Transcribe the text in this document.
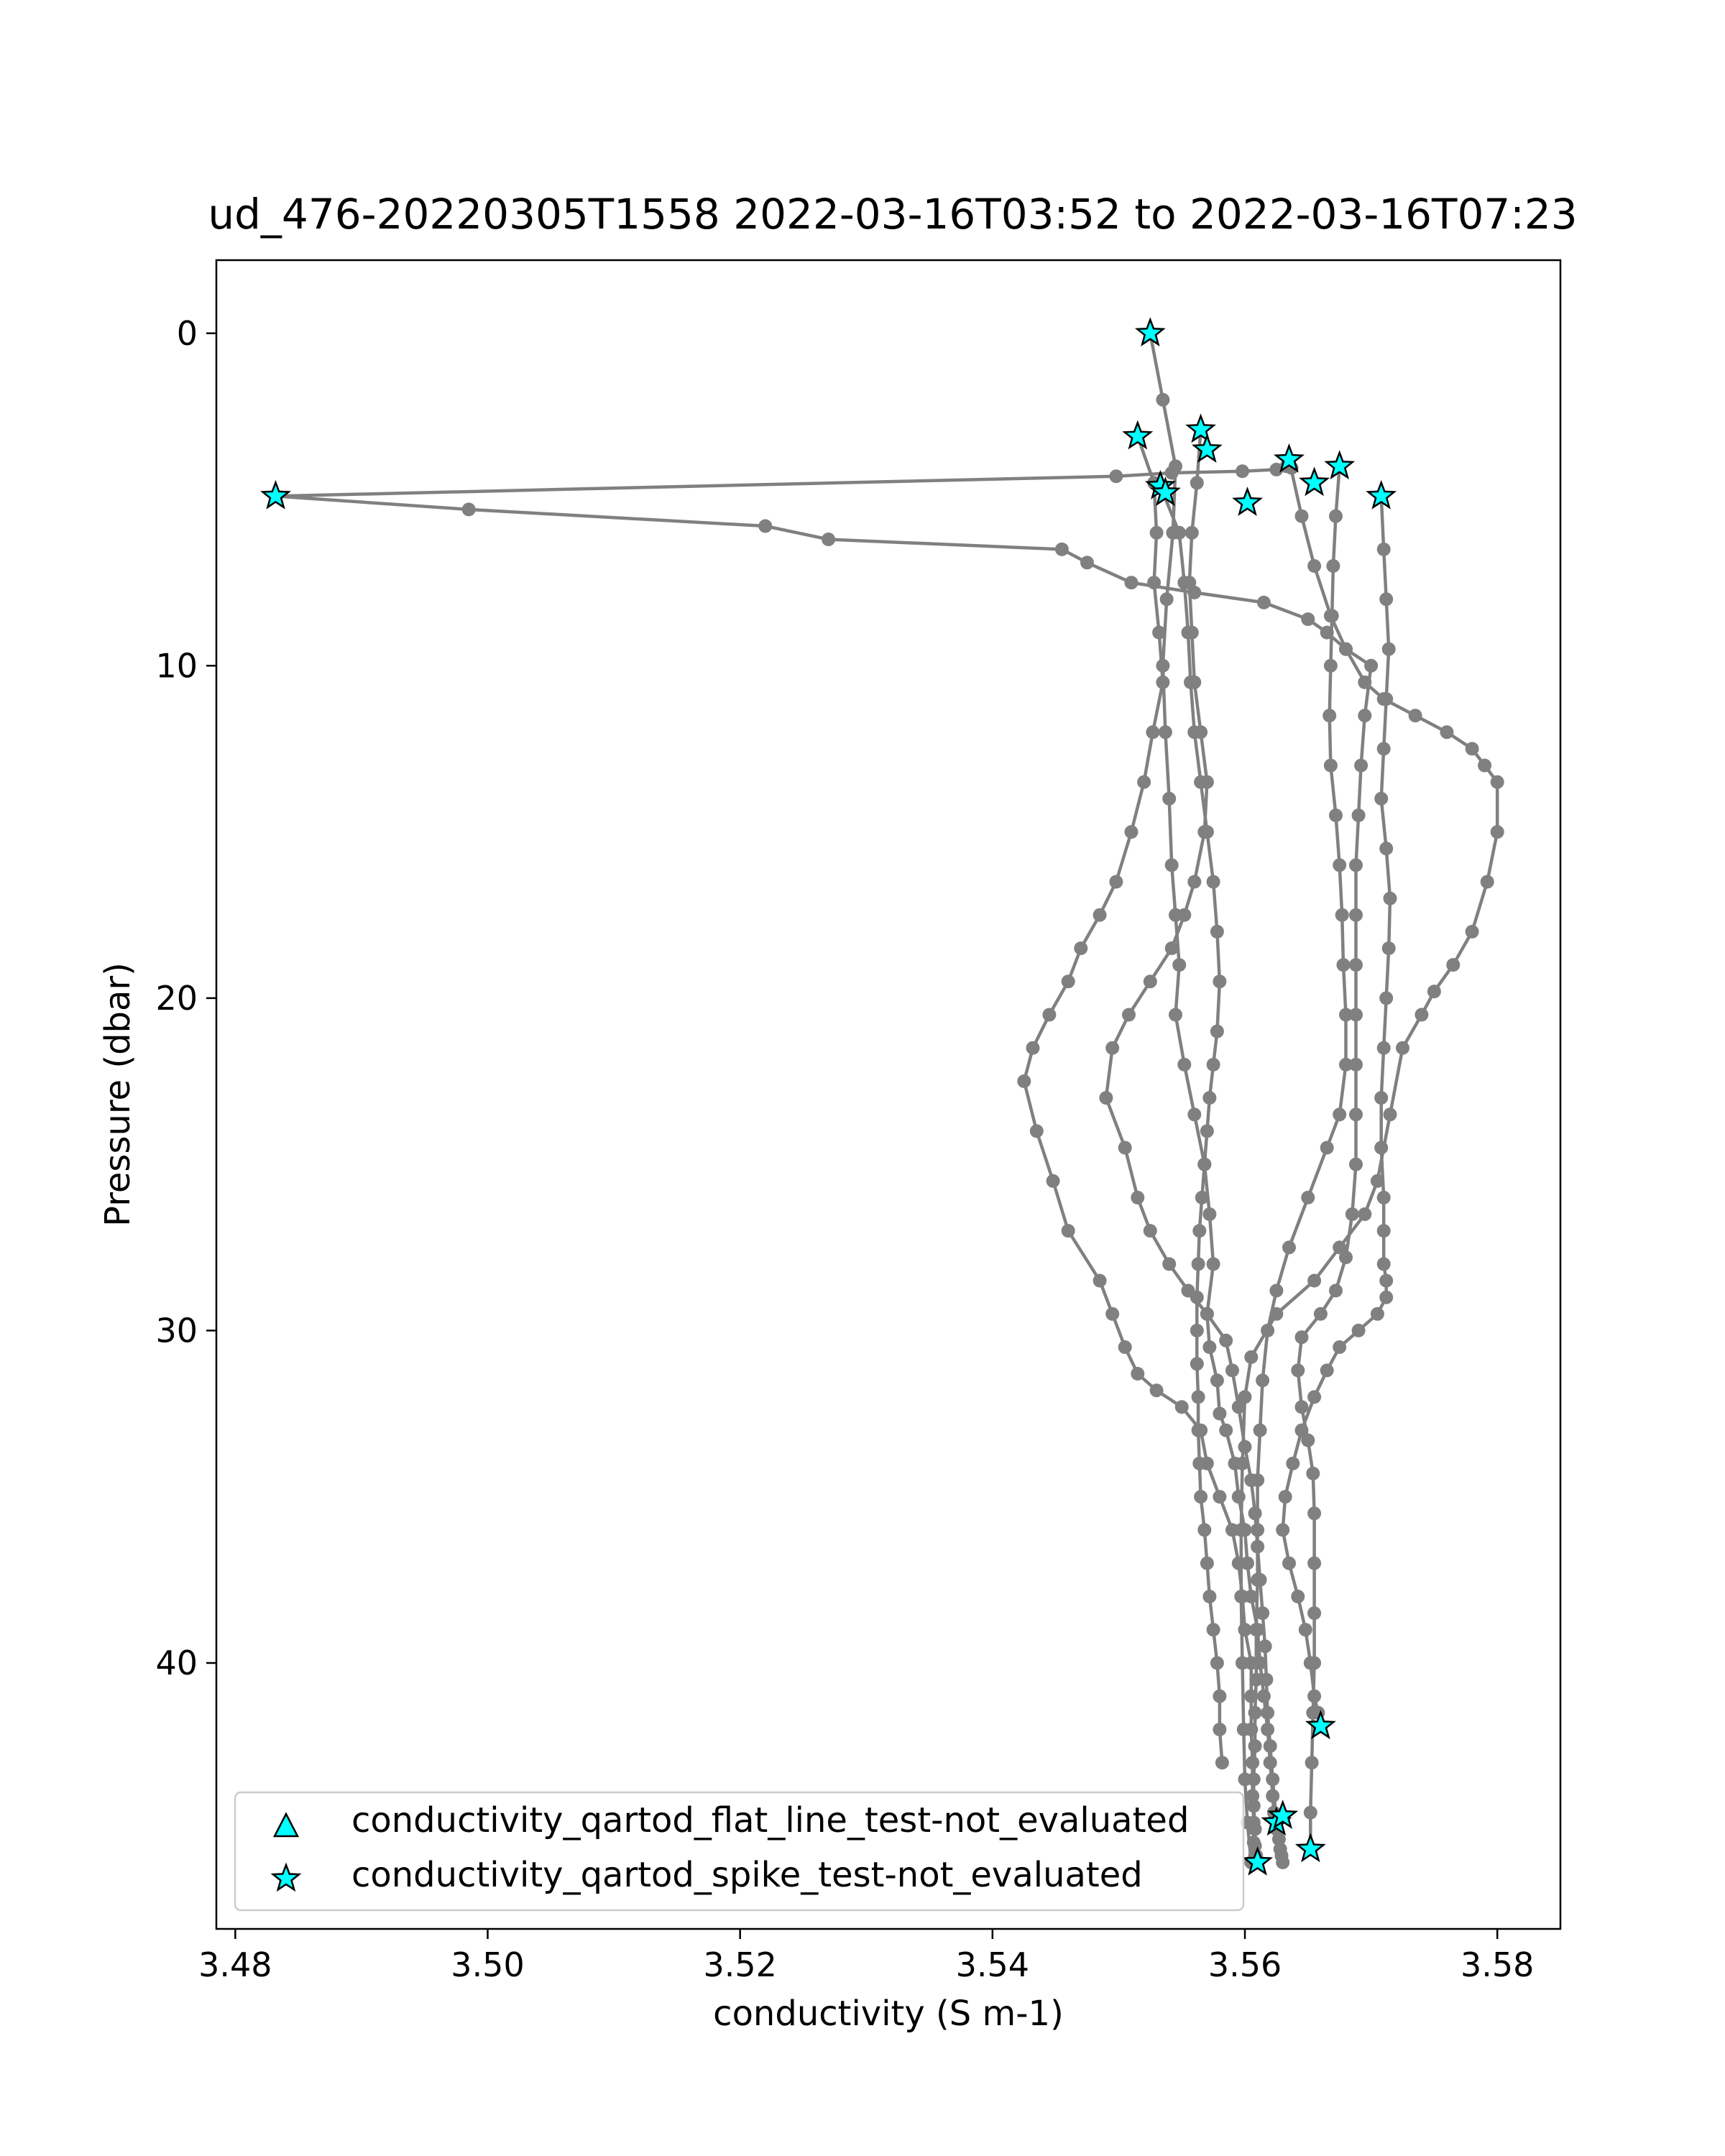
ud_476-20220305T1558 2022-03-16T03:52 to 2022-03-16T07:23
3.48	3.50	3.52	3.54	3.56	3.58
0
10
20
30
40
conductivity (S m-1)
Pressure (dbar)
conductivity_qartod_flat_line_test-not_evaluated
conductivity_qartod_spike_test-not_evaluated
